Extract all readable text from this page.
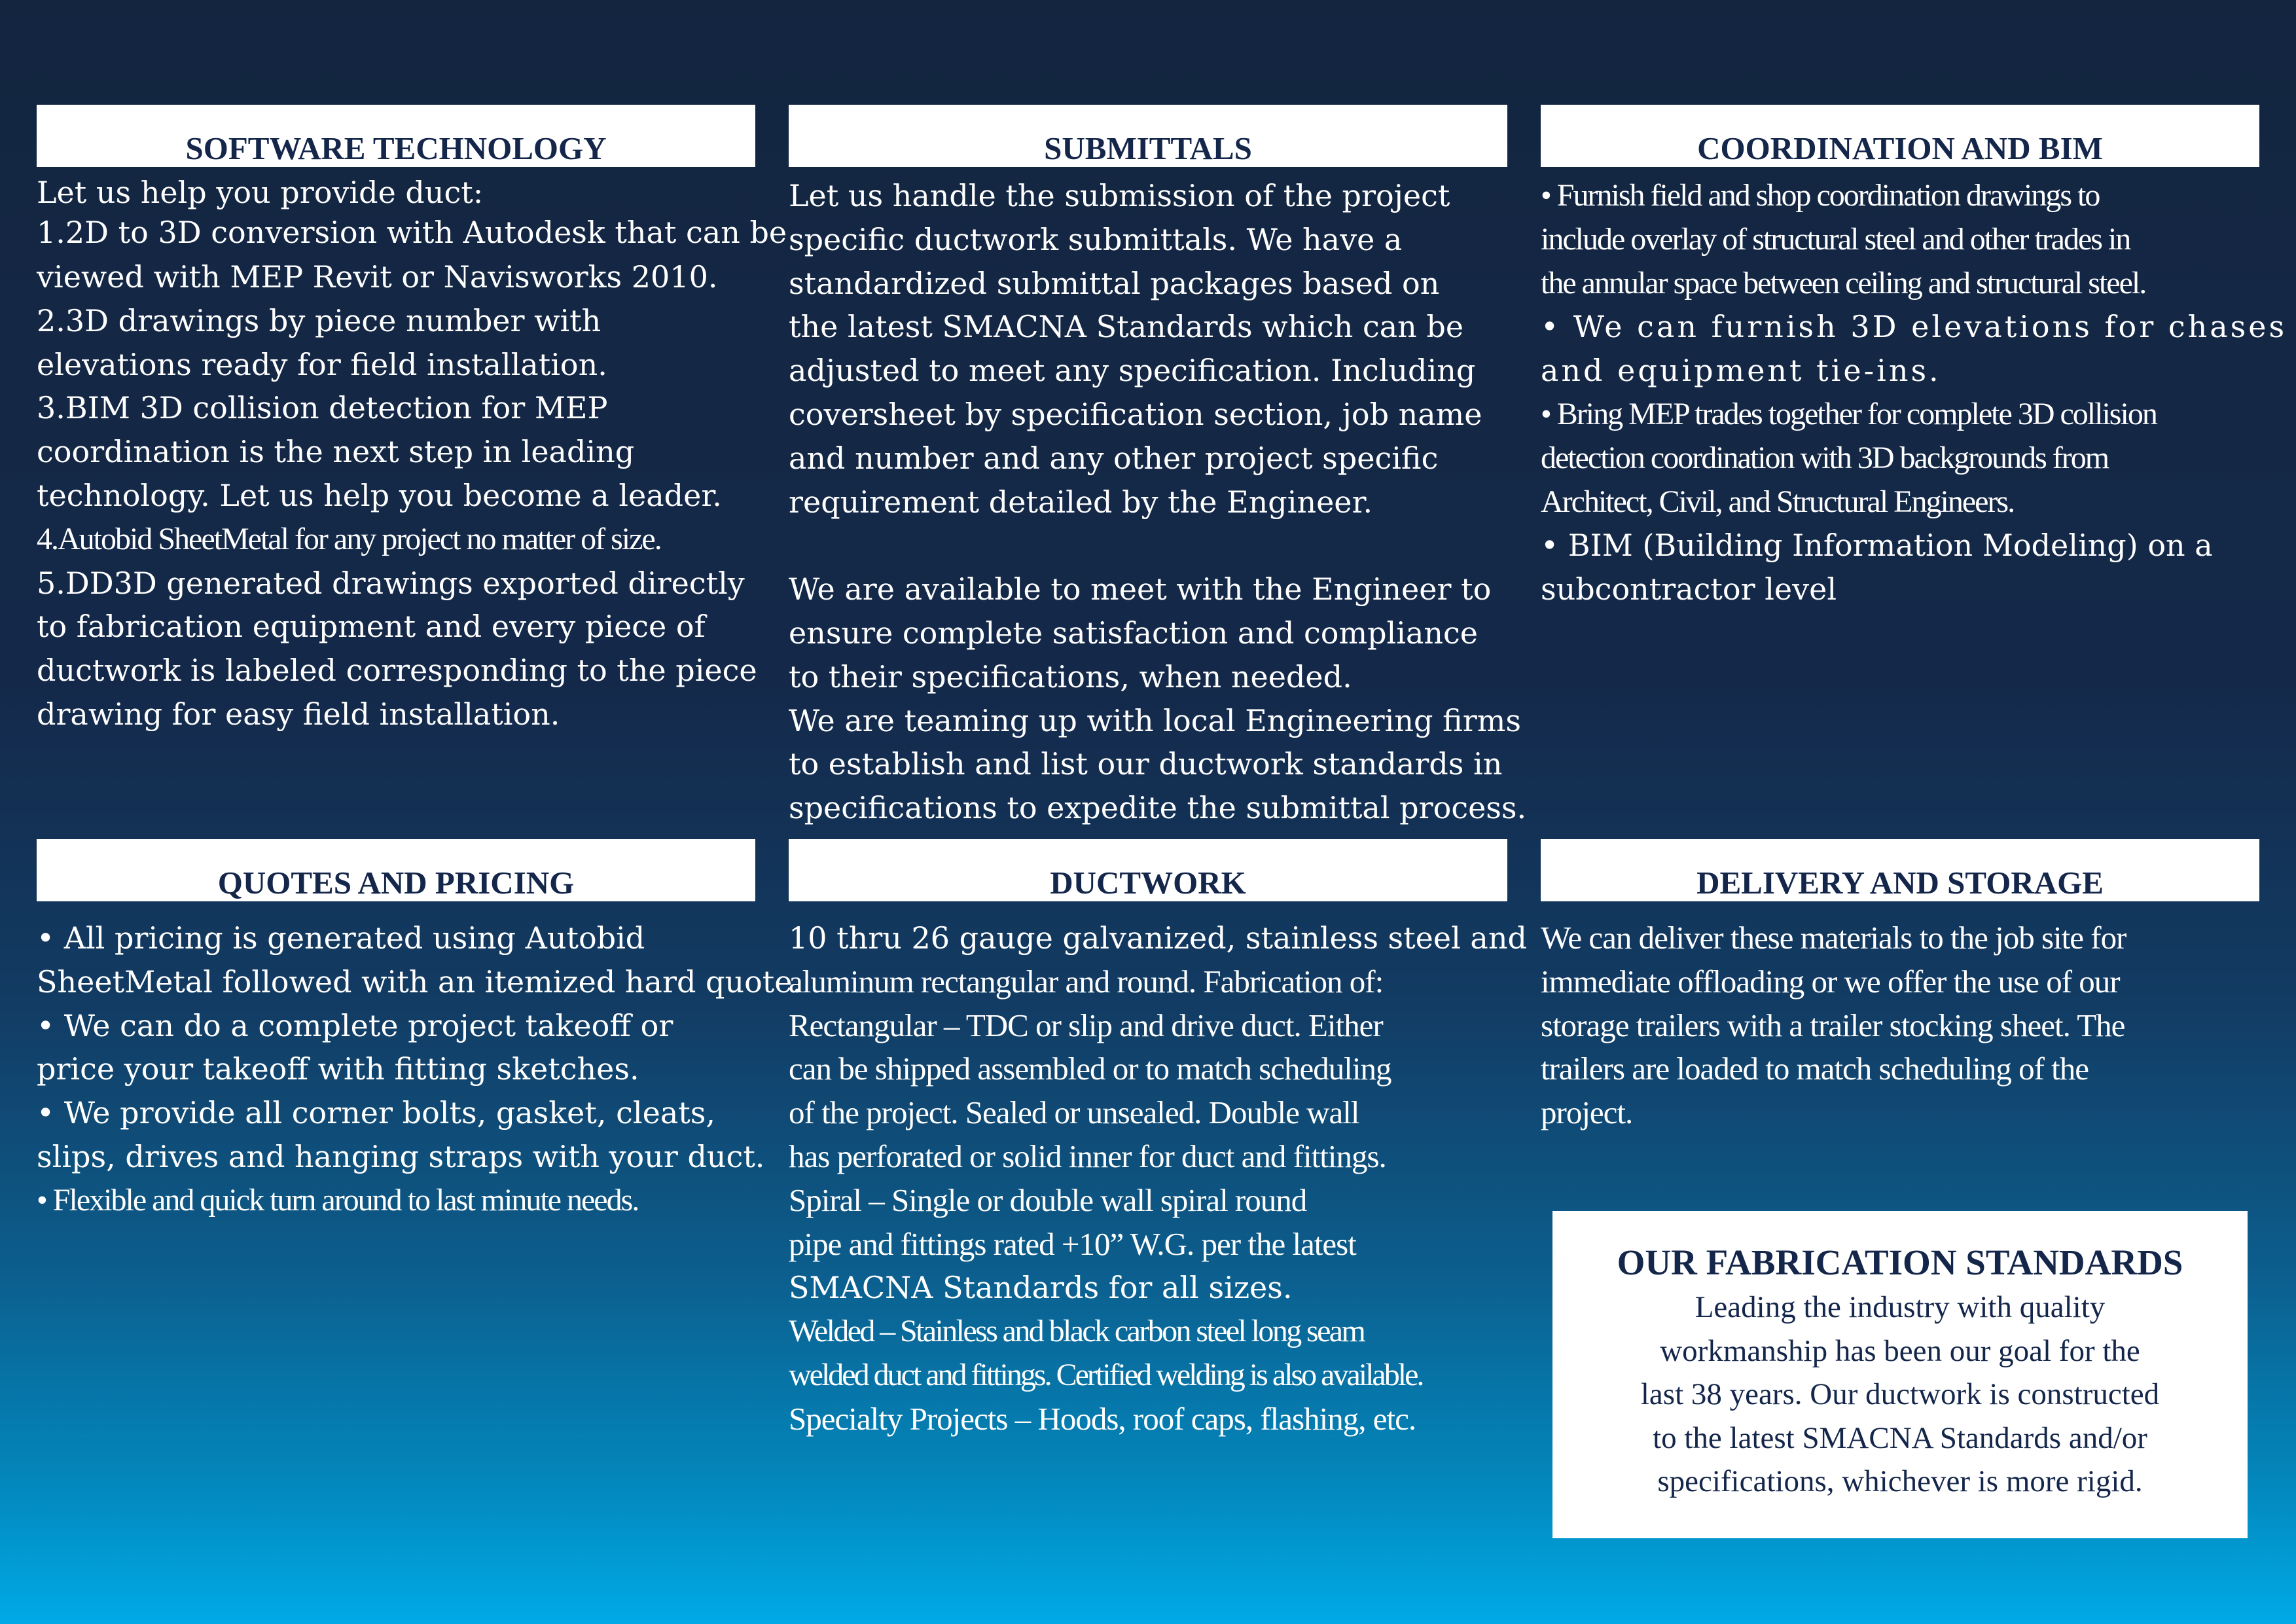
SOFTWARE TECHNOLOGY	SUBMITTALS	COORDINATION AND BIM
Let us help you provide duct:
1.2D to 3D conversion with Autodesk that can be
viewed with MEP Revit or Navisworks 2010.
2.3D drawings by piece number with
elevations ready for field installation.
3.BIM 3D collision detection for MEP
coordination is the next step in leading
technology. Let us help you become a leader.
4.Autobid SheetMetal for any project no matter of size.
5.DD3D generated drawings exported directly
to fabrication equipment and every piece of
ductwork is labeled corresponding to the piece
drawing for easy field installation.
Let us handle the submission of the project
specific ductwork submittals. We have a
standardized submittal packages based on
the latest SMACNA Standards which can be
adjusted to meet any specification. Including
coversheet by specification section, job name
and number and any other project specific
requirement detailed by the Engineer.
We are available to meet with the Engineer to
ensure complete satisfaction and compliance
to their specifications, when needed.
We are teaming up with local Engineering firms
to establish and list our ductwork standards in
specifications to expedite the submittal process.
• Furnish field and shop coordination drawings to
include overlay of structural steel and other trades in
the annular space between ceiling and structural steel.
• We can furnish 3D elevations for chases
and equipment tie-ins.
• Bring MEP trades together for complete 3D collision
detection coordination with 3D backgrounds from
Architect, Civil, and Structural Engineers.
• BIM (Building Information Modeling) on a
subcontractor level
QUOTES AND PRICING	DUCTWORK	DELIVERY AND STORAGE
• All pricing is generated using Autobid
SheetMetal followed with an itemized hard quote.
• We can do a complete project takeoff or
price your takeoff with fitting sketches.
• We provide all corner bolts, gasket, cleats,
slips, drives and hanging straps with your duct.
• Flexible and quick turn around to last minute needs.
10 thru 26 gauge galvanized, stainless steel and
aluminum rectangular and round. Fabrication of:
Rectangular – TDC or slip and drive duct. Either
can be shipped assembled or to match scheduling
of the project. Sealed or unsealed. Double wall
has perforated or solid inner for duct and fittings.
Spiral – Single or double wall spiral round
pipe and fittings rated +10” W.G. per the latest
SMACNA Standards for all sizes.
Welded – Stainless and black carbon steel long seam
welded duct and fittings. Certified welding is also available.
Specialty Projects – Hoods, roof caps, flashing, etc.
We can deliver these materials to the job site for
immediate offloading or we offer the use of our
storage trailers with a trailer stocking sheet. The
trailers are loaded to match scheduling of the
project.
OUR FABRICATION STANDARDS
Leading the industry with quality
workmanship has been our goal for the
last 38 years. Our ductwork is constructed
to the latest SMACNA Standards and/or
specifications, whichever is more rigid.
